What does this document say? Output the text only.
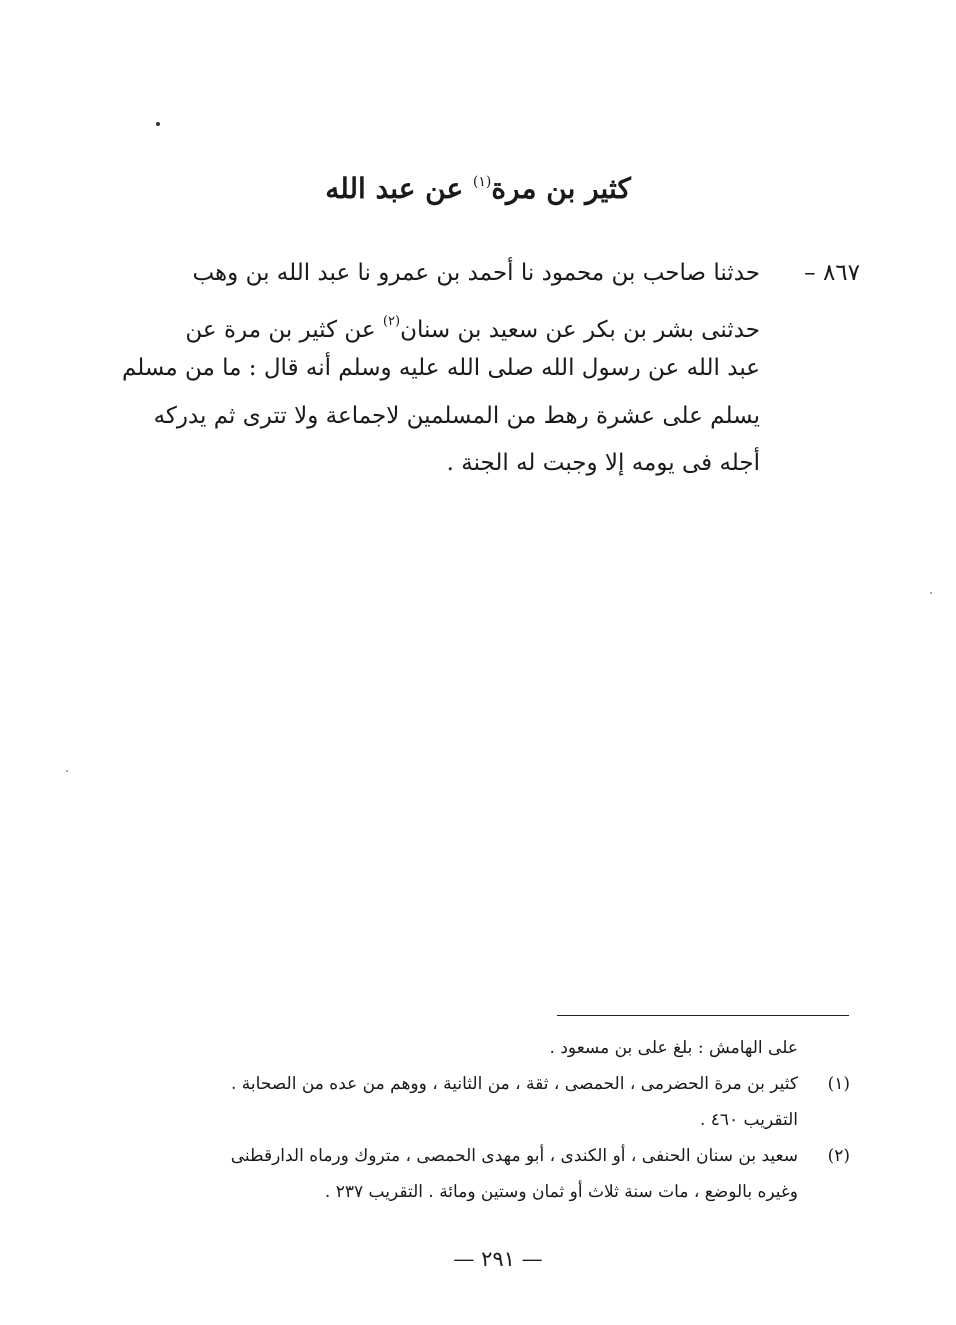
كثير بن مرة$^{(١)}$ عن عبد الله
٨٦٧ –حدثنا صاحب بن محمود نا أحمد بن عمرو نا عبد الله بن وهب
حدثنى بشر بن بكر عن سعيد بن سنان$^{(٢)}$ عن كثير بن مرة عن
عبد الله عن رسول الله صلى الله عليه وسلم أنه قال : ما من مسلم
يسلم على عشرة رهط من المسلمين لاجماعة ولا تترى ثم يدركه
أجله فى يومه إلا وجبت له الجنة .
على الهامش : بلغ على بن مسعود .
(١)كثير بن مرة الحضرمى ، الحمصى ، ثقة ، من الثانية ، ووهم من عده من الصحابة .
التقريب ٤٦٠ .
(٢)سعيد بن سنان الحنفى ، أو الكندى ، أبو مهدى الحمصى ، متروك ورماه الدارقطنى
وغيره بالوضع ، مات سنة ثلاث أو ثمان وستين ومائة . التقريب ٢٣٧ .
— ٢٩١ —
